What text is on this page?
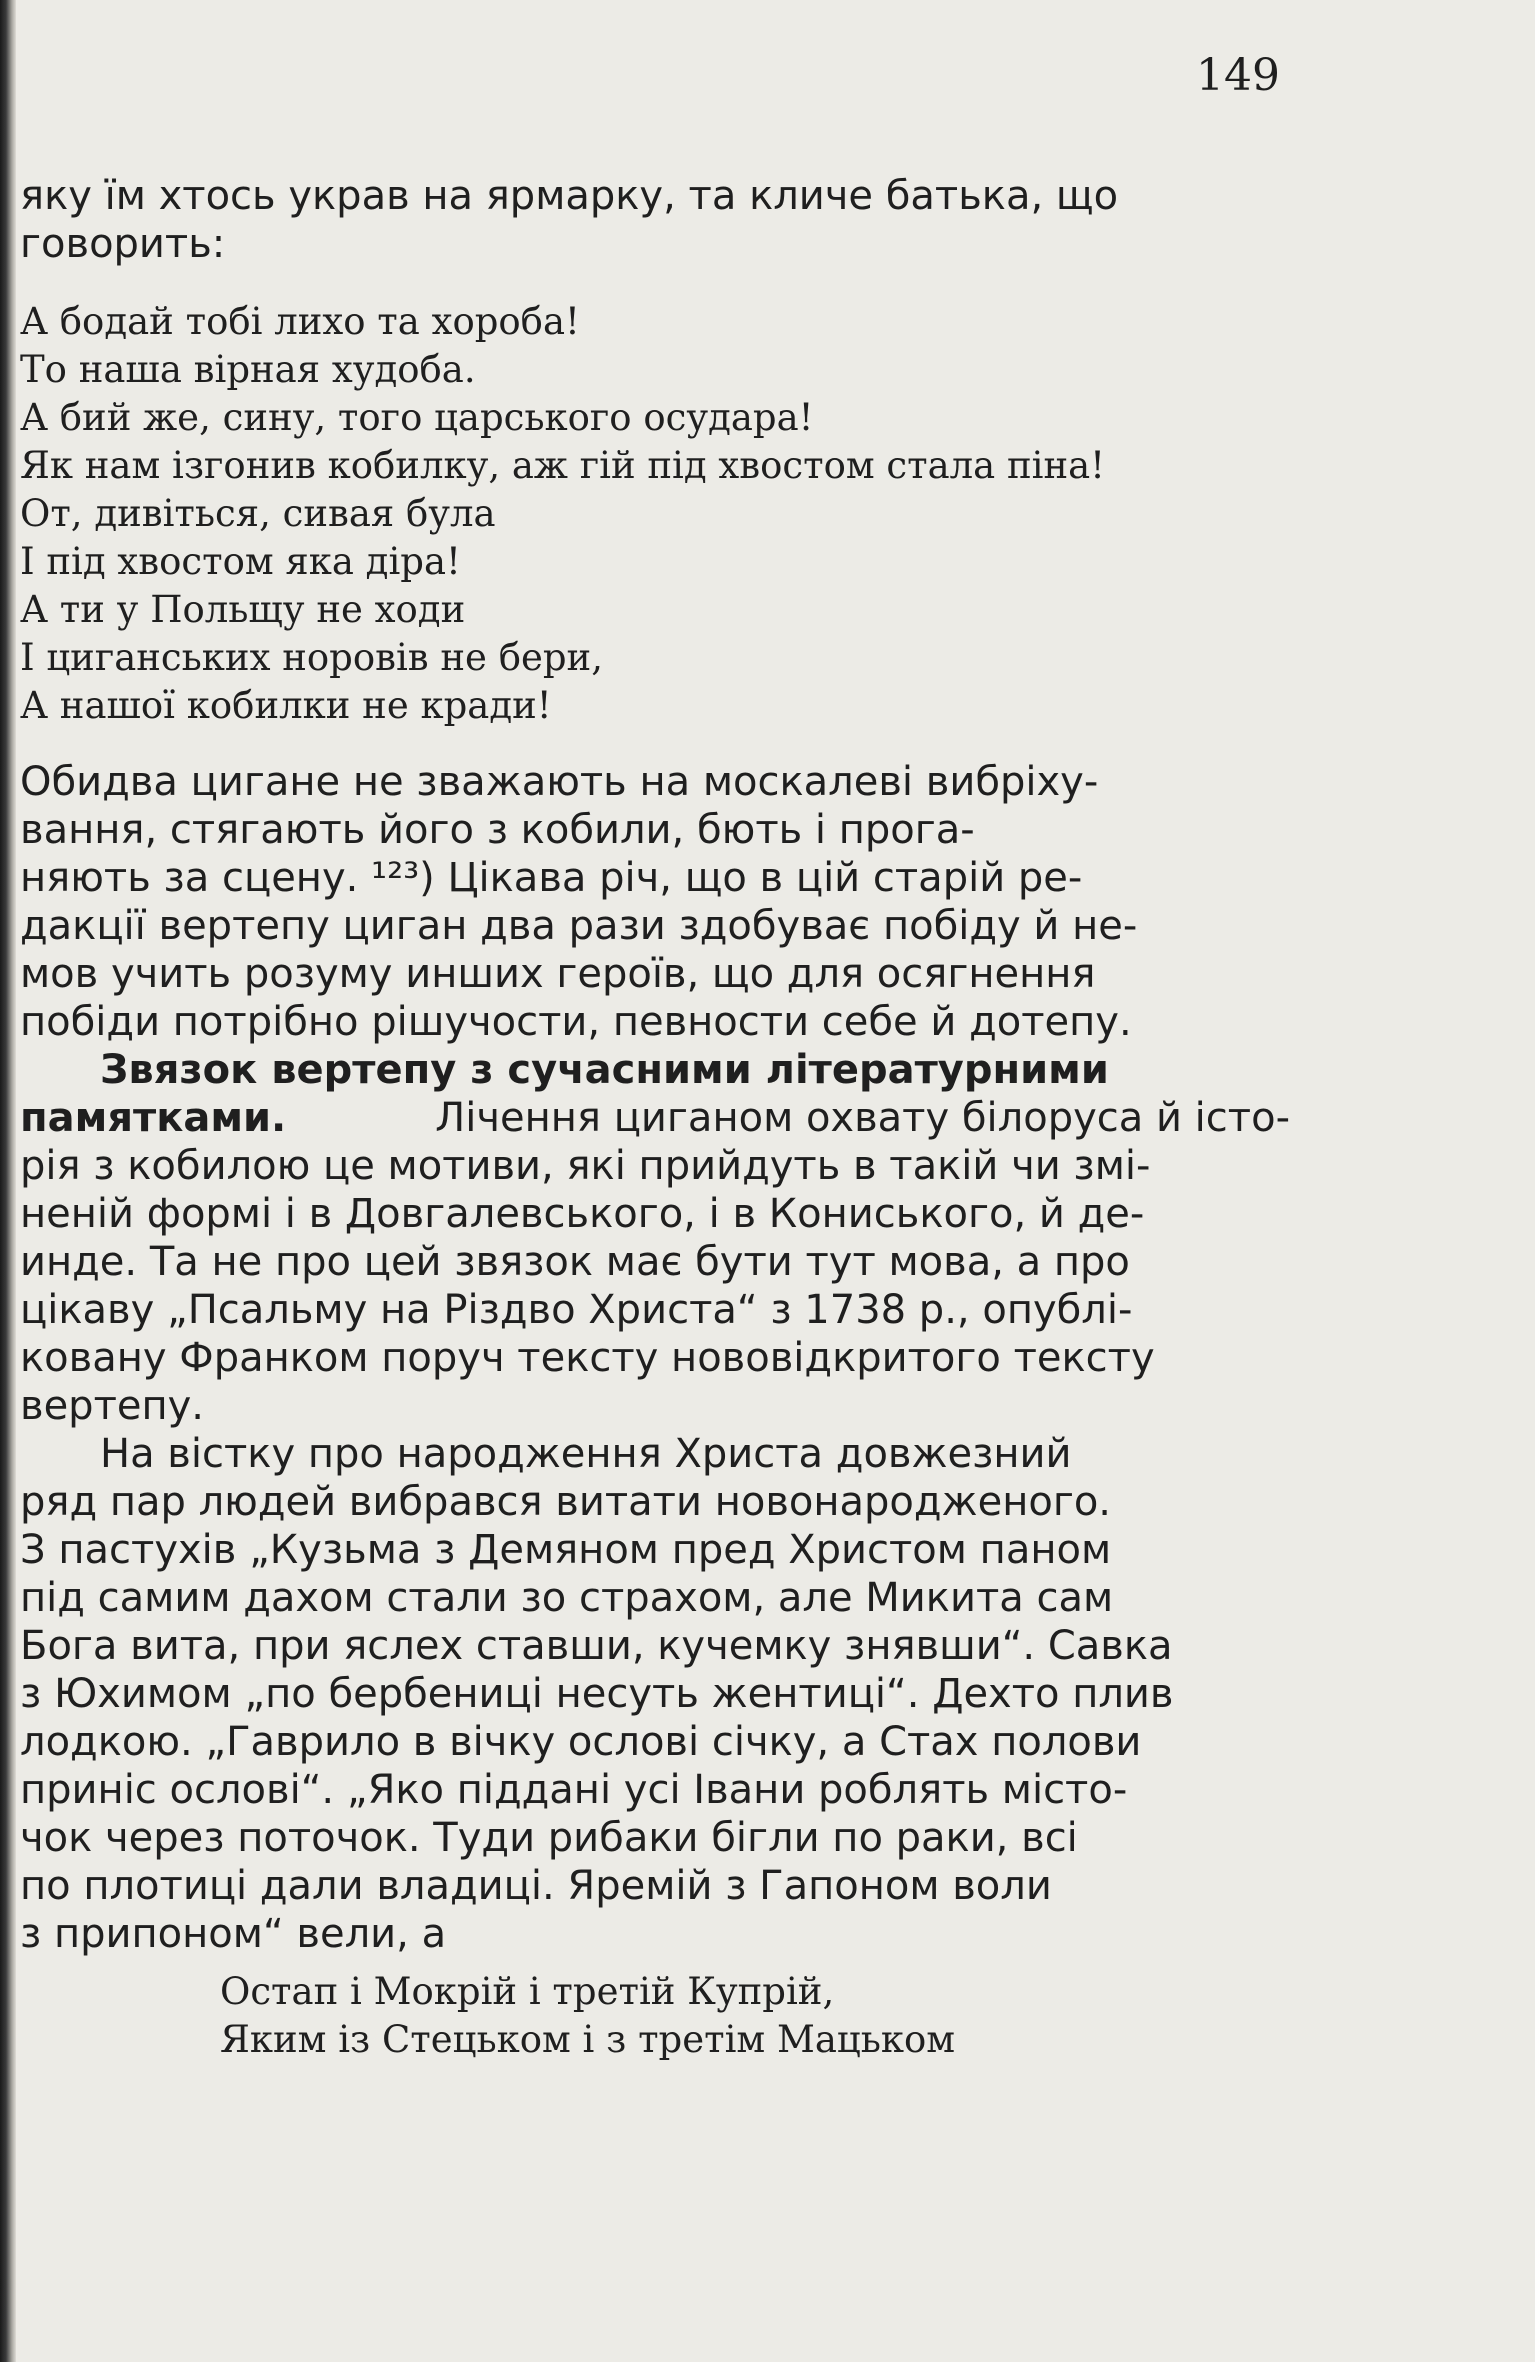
149
яку їм хтось украв на ярмарку, та кличе батька, що
говорить:
А бодай тобі лихо та хороба!
То наша вірная худоба.
А бий же, сину, того царського осудара!
Як нам ізгонив кобилку, аж гій під хвостом стала піна!
От, дивіться, сивая була
І під хвостом яка діра!
А ти у Польщу не ходи
І циганських норовів не бери,
А нашої кобилки не кради!
Обидва цигане не зважають на москалеві вибріху-
вання, стягають його з кобили, бють і прога-
няють за сцену. ¹²³) Цікава річ, що в цій старій ре-
дакції вертепу циган два рази здобуває побіду й не-
мов учить розуму инших героїв, що для осягнення
побіди потрібно рішучости, певности себе й дотепу.
Звязок вертепу з сучасними літературними
памятками.	Лічення циганом охвату білоруса й істо-
рія з кобилою це мотиви, які прийдуть в такій чи змі-
неній формі і в Довгалевського, і в Кониського, й де-
инде. Та не про цей звязок має бути тут мова, а про
цікаву „Псальму на Різдво Христа“ з 1738 р., опублі-
ковану Франком поруч тексту нововідкритого тексту
вертепу.
На вістку про народження Христа довжезний
ряд пар людей вибрався витати новонародженого.
З пастухів „Кузьма з Демяном пред Христом паном
під самим дахом стали зо страхом, але Микита сам
Бога вита, при яслех ставши, кучемку знявши“. Савка
з Юхимом „по бербениці несуть жентиці“. Дехто плив
лодкою. „Гаврило в вічку ослові січку, а Стах полови
приніс ослові“. „Яко піддані усі Івани роблять місто-
чок через поточок. Туди рибаки бігли по раки, всі
по плотиці дали владиці. Яремій з Гапоном воли
з припоном“ вели, а
Остап і Мокрій і третій Купрій,
Яким із Стецьком і з третім Мацьком
